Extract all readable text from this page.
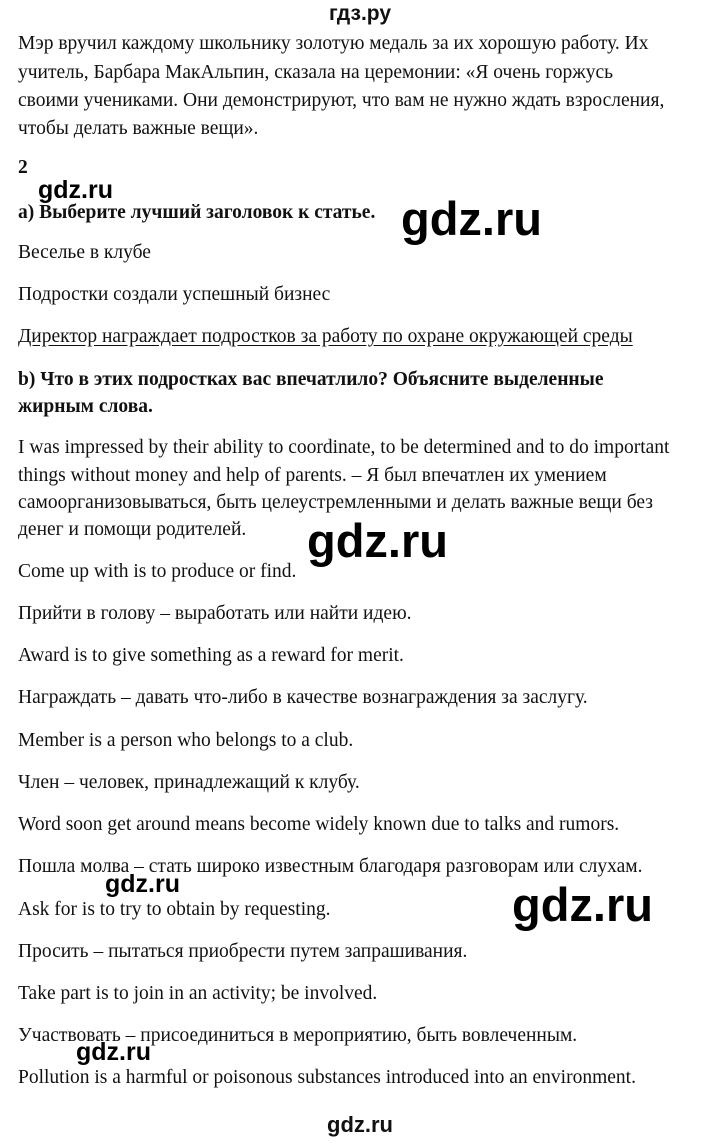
гдз.ру
Мэр вручил каждому школьнику золотую медаль за их хорошую работу. Их
учитель, Барбара МакАльпин, сказала на церемонии: «Я очень горжусь
своими учениками. Они демонстрируют, что вам не нужно ждать взросления,
чтобы делать важные вещи».
2
а) Выберите лучший заголовок к статье.
Веселье в клубе
Подростки создали успешный бизнес
Директор награждает подростков за работу по охране окружающей среды
b) Что в этих подростках вас впечатлило? Объясните выделенные
жирным слова.
I was impressed by their ability to coordinate, to be determined and to do important
things without money and help of parents. – Я был впечатлен их умением
самоорганизовываться, быть целеустремленными и делать важные вещи без
денег и помощи родителей.
Come up with is to produce or find.
Прийти в голову – выработать или найти идею.
Award is to give something as a reward for merit.
Награждать – давать что-либо в качестве вознаграждения за заслугу.
Member is a person who belongs to a club.
Член – человек, принадлежащий к клубу.
Word soon get around means become widely known due to talks and rumors.
Пошла молва – стать широко известным благодаря разговорам или слухам.
Ask for is to try to obtain by requesting.
Просить – пытаться приобрести путем запрашивания.
Take part is to join in an activity; be involved.
Участвовать – присоединиться в мероприятию, быть вовлеченным.
Pollution is a harmful or poisonous substances introduced into an environment.
gdz.ru
gdz.ru
gdz.ru
gdz.ru	gdz.ru
gdz.ru
gdz.ru
